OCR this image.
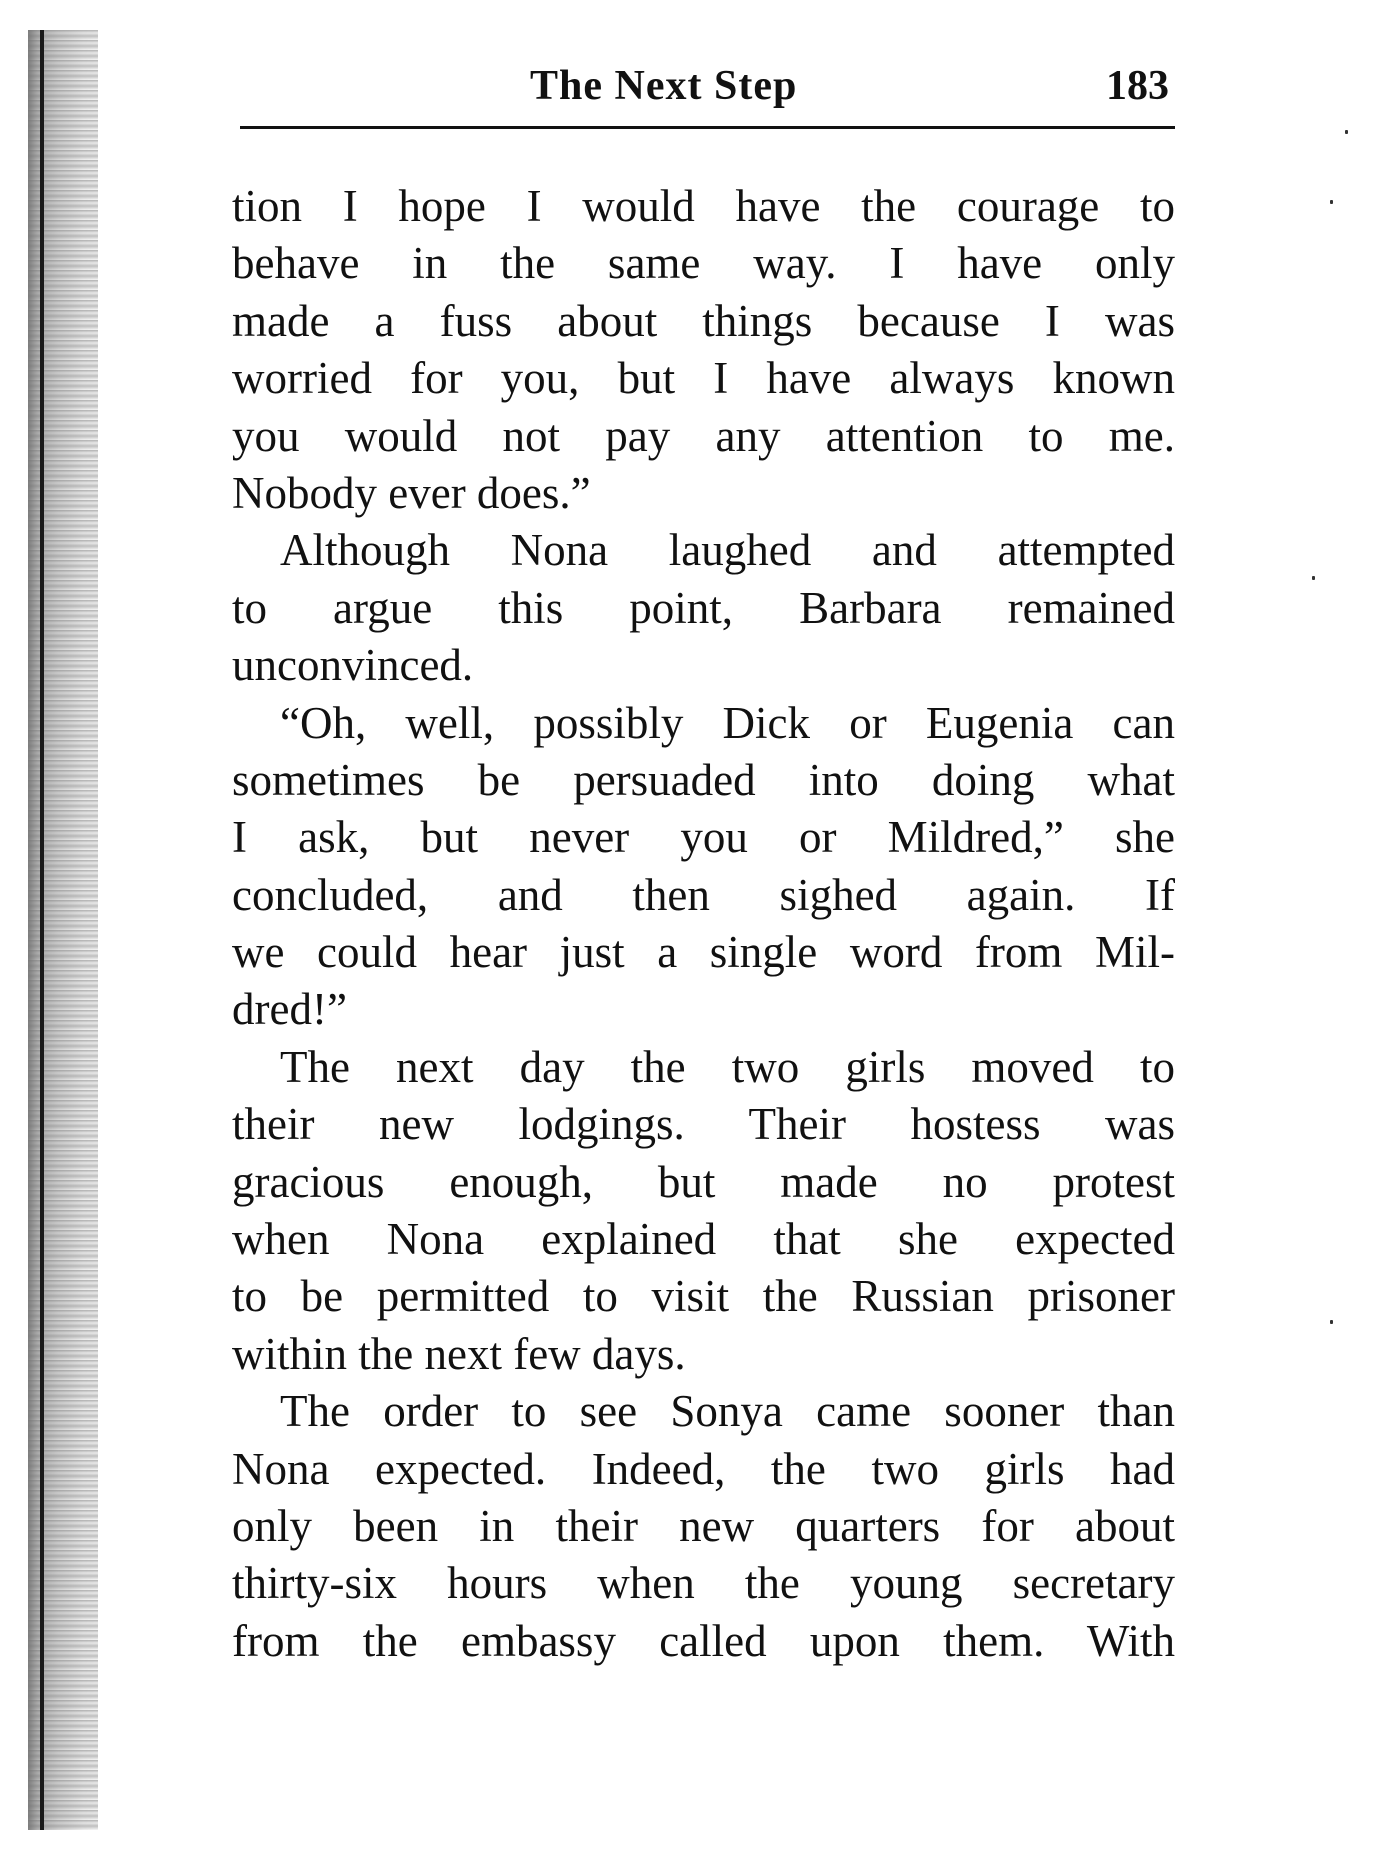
The Next Step	183
tion I hope I would have the courage to
behave in the same way. I have only
made a fuss about things because I was
worried for you, but I have always known
you would not pay any attention to me.
Nobody ever does.”
Although Nona laughed and attempted
to argue this point, Barbara remained
unconvinced.
“Oh, well, possibly Dick or Eugenia can
sometimes be persuaded into doing what
I ask, but never you or Mildred,” she
concluded, and then sighed again. If
we could hear just a single word from Mil-
dred!”
The next day the two girls moved to
their new lodgings. Their hostess was
gracious enough, but made no protest
when Nona explained that she expected
to be permitted to visit the Russian prisoner
within the next few days.
The order to see Sonya came sooner than
Nona expected. Indeed, the two girls had
only been in their new quarters for about
thirty-six hours when the young secretary
from the embassy called upon them. With
